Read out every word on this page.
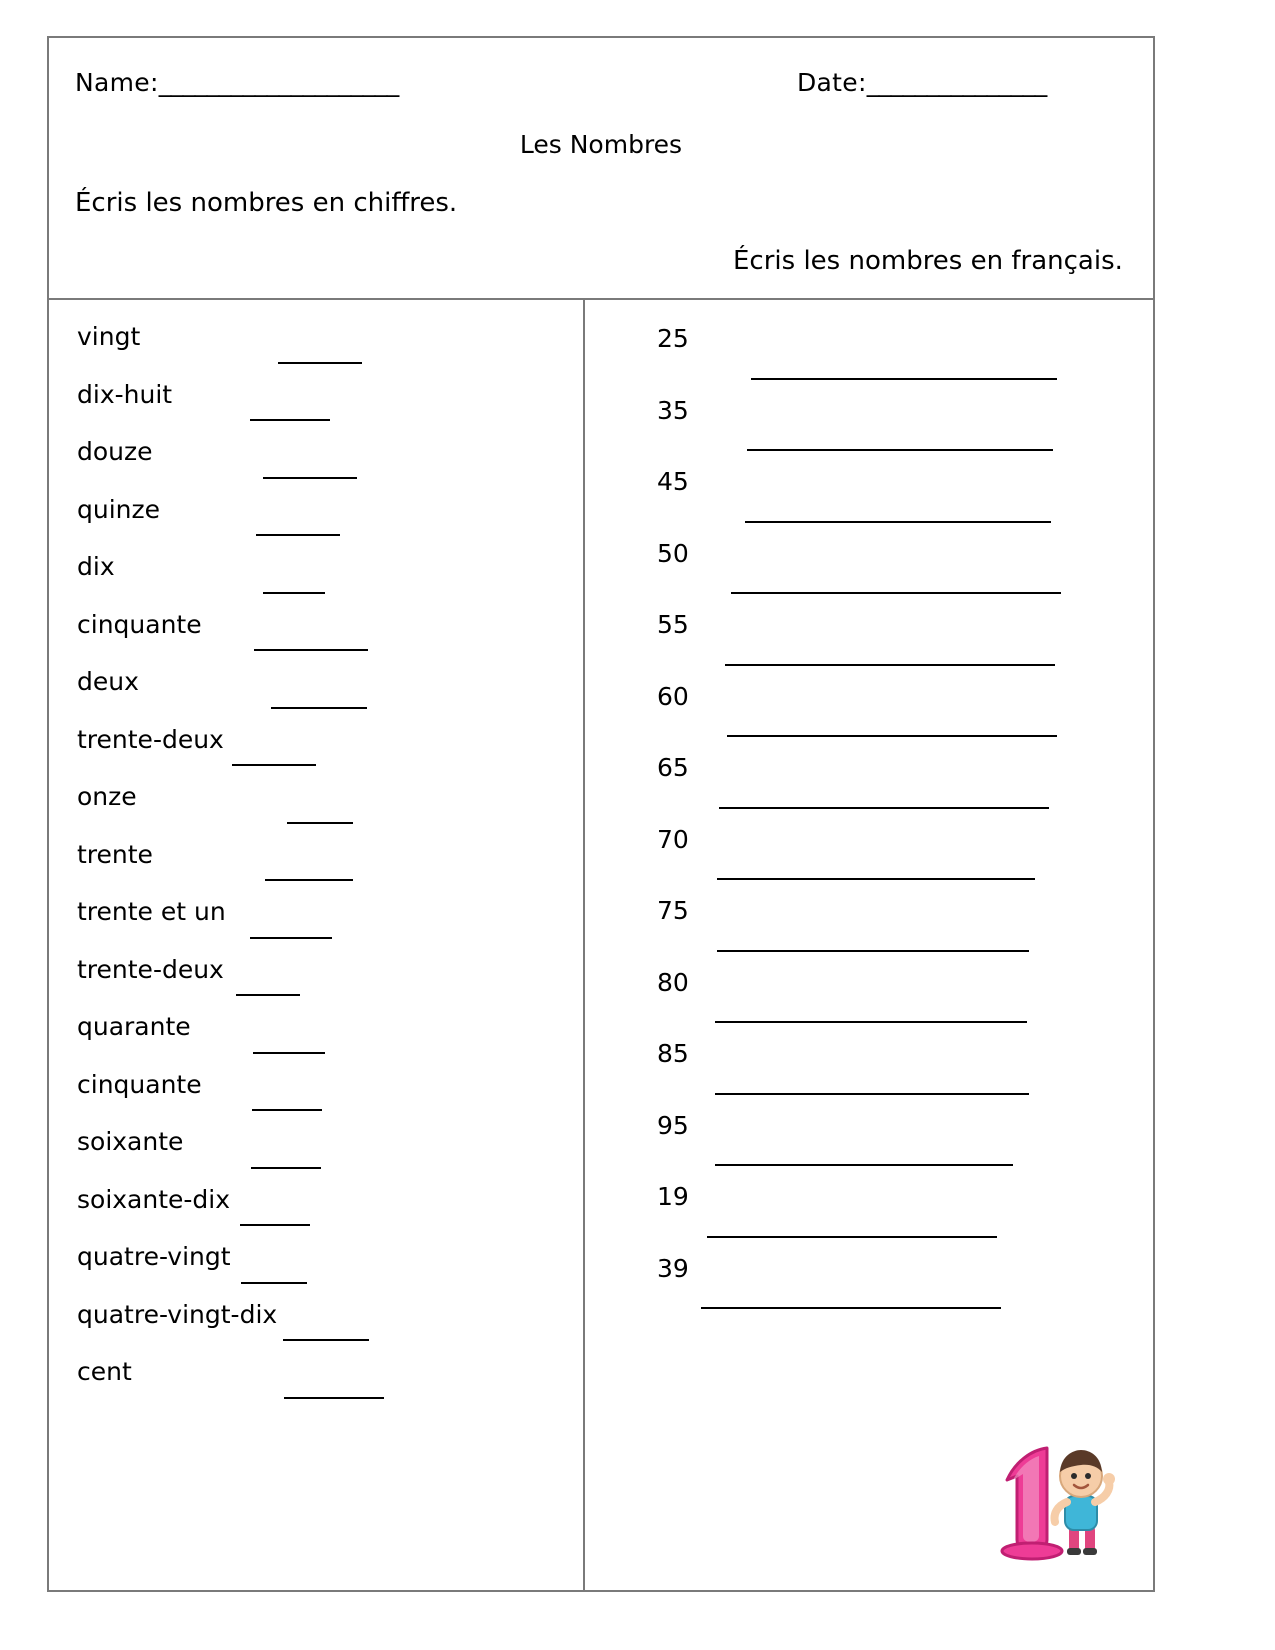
Name:____________________	Date:_______________
Les Nombres
Écris les nombres en chiffres.
Écris les nombres en français.
vingt
dix-huit
douze
quinze
dix
cinquante
deux
trente-deux
onze
trente
trente et un
trente-deux
quarante
cinquante
soixante
soixante-dix
quatre-vingt
quatre-vingt-dix
cent
25
35
45
50
55
60
65
70
75
80
85
95
19
39
